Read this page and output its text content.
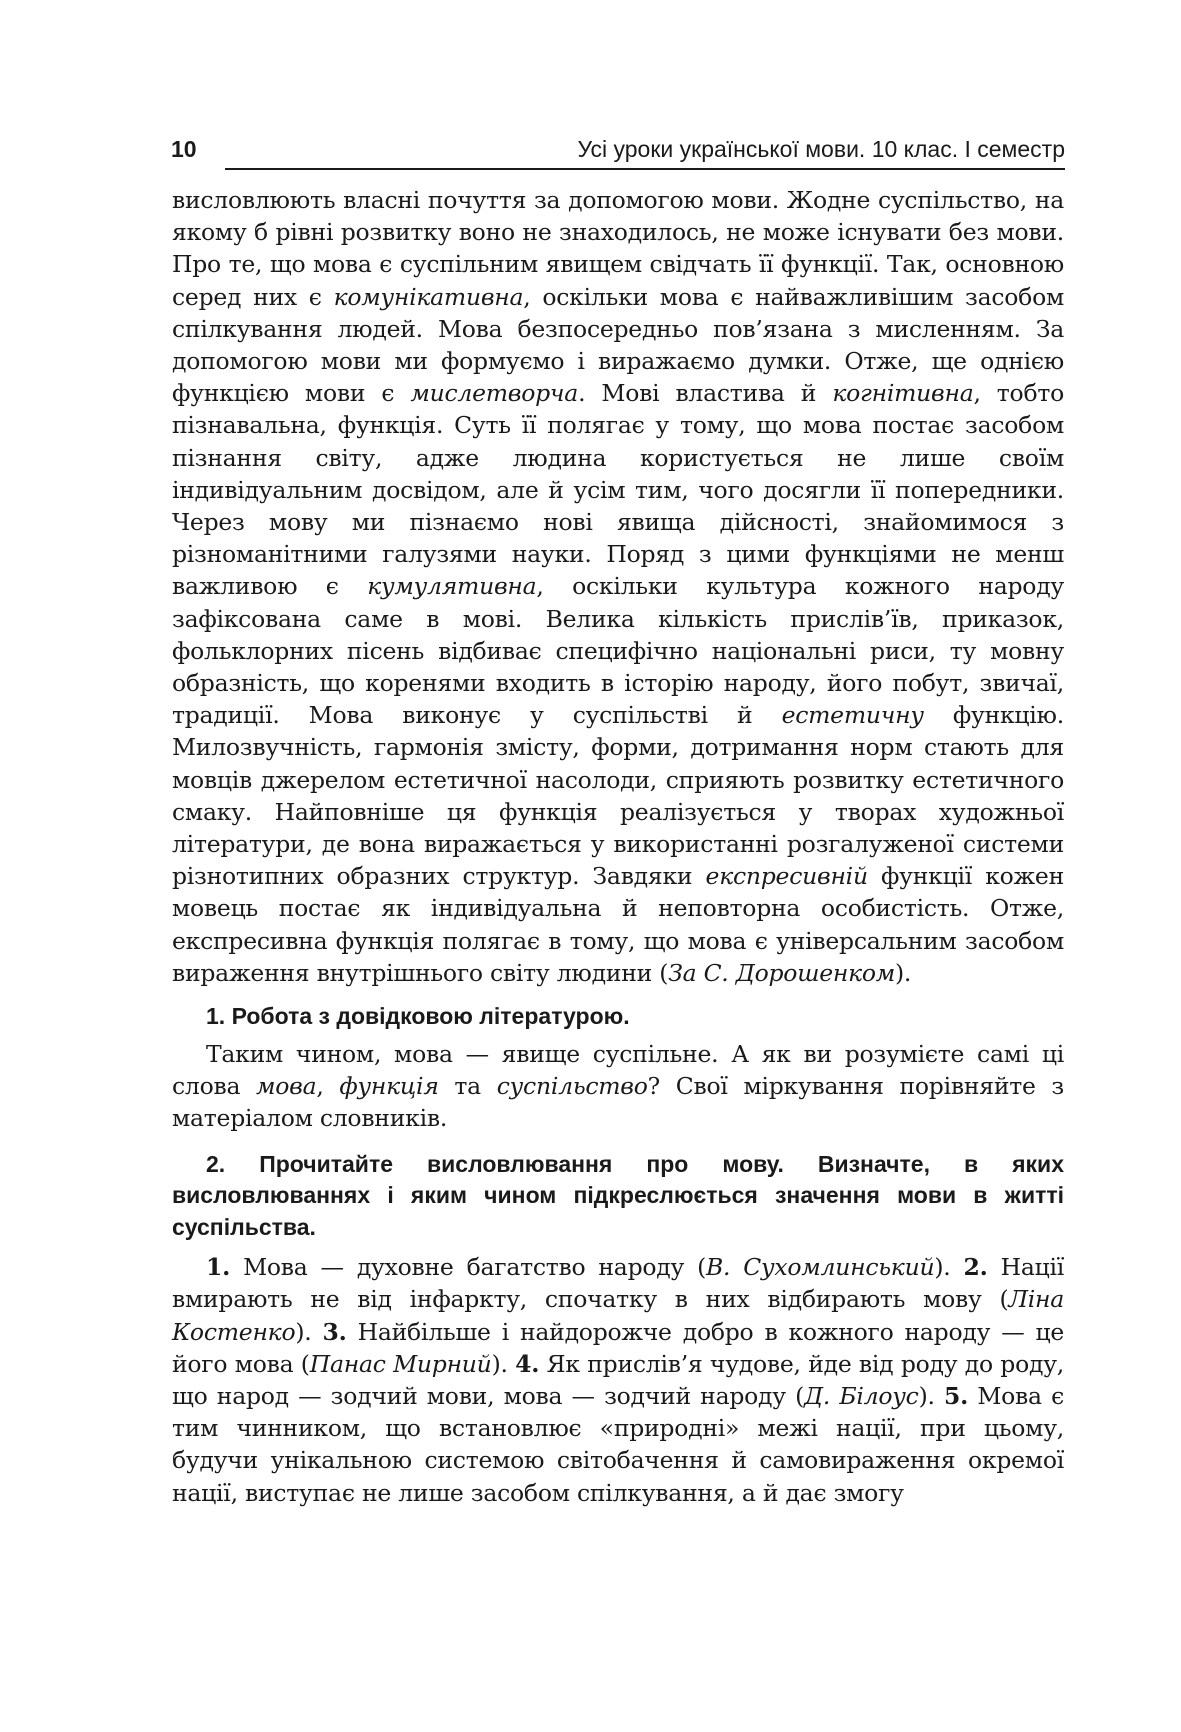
10	Усі уроки української мови. 10 клас. І семестр

висловлюють власні почуття за допомогою мови. Жодне суспільство, на якому б рівні розвитку воно не знаходилось, не може існувати без мови. Про те, що мова є суспільним явищем свідчать її функції. Так, основною серед них є комунікативна, оскільки мова є найважливішим засобом спілкування людей. Мова безпосередньо пов’язана з мисленням. За допомогою мови ми формуємо і виражаємо думки. Отже, ще однією функцією мови є мислетворча. Мові властива й когнітивна, тобто пізнавальна, функція. Суть її полягає у тому, що мова постає засобом пізнання світу, адже людина користується не лише своїм індивідуальним досвідом, але й усім тим, чого досягли її попередники. Через мову ми пізнаємо нові явища дійсності, знайомимося з різноманітними галузями науки. Поряд з цими функціями не менш важливою є кумулятивна, оскільки культура кожного народу зафіксована саме в мові. Велика кількість прислів’їв, приказок, фольклорних пісень відбиває специфічно національні риси, ту мовну образність, що коренями входить в історію народу, його побут, звичаї, традиції. Мова виконує у суспільстві й естетичну функцію. Милозвучність, гармонія змісту, форми, дотримання норм стають для мовців джерелом естетичної насолоди, сприяють розвитку естетичного смаку. Найповніше ця функція реалізується у творах художньої літератури, де вона виражається у використанні розгалуженої системи різнотипних образних структур. Завдяки експресивній функції кожен мовець постає як індивідуальна й неповторна особистість. Отже, експресивна функція полягає в тому, що мова є універсальним засобом вираження внутрішнього світу людини (За С. Дорошенком).

1. Робота з довідковою літературою.

Таким чином, мова — явище суспільне. А як ви розумієте самі ці слова мова, функція та суспільство? Свої міркування порівняйте з матеріалом словників.

2. Прочитайте висловлювання про мову. Визначте, в яких висловлюваннях і яким чином підкреслюється значення мови в житті суспільства.

1. Мова — духовне багатство народу (В. Сухомлинський). 2. Нації вмирають не від інфаркту, спочатку в них відбирають мову (Ліна Костенко). 3. Найбільше і найдорожче добро в кожного народу — це його мова (Панас Мирний). 4. Як прислів’я чудове, йде від роду до роду, що народ — зодчий мови, мова — зодчий народу (Д. Білоус). 5. Мова є тим чинником, що встановлює «природні» межі нації, при цьому, будучи унікальною системою світобачення й самовираження окремої нації, виступає не лише засобом спілкування, а й дає змогу
